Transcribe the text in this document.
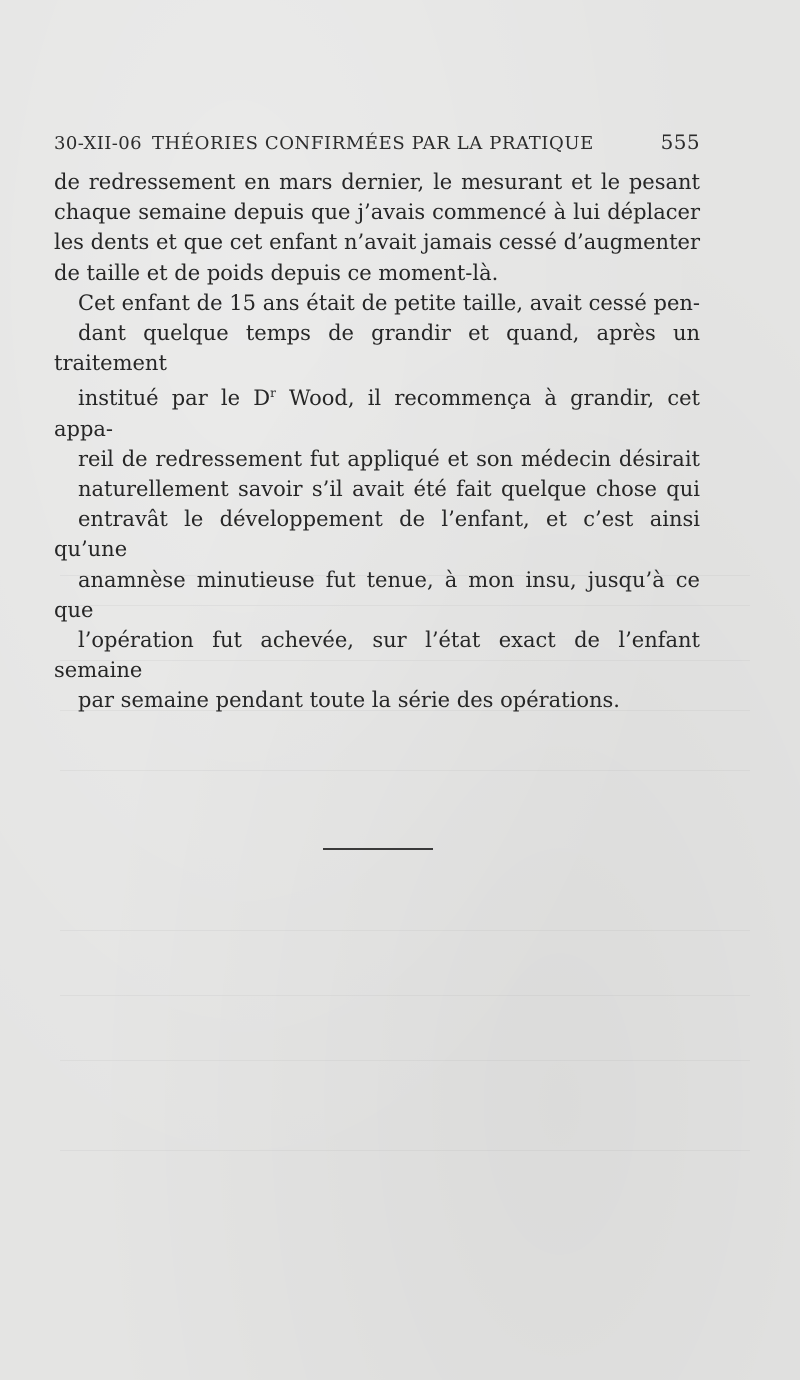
30-XII-06 THÉORIES CONFIRMÉES PAR LA PRATIQUE	555

de redressement en mars dernier, le mesurant et le pesant
chaque semaine depuis que j’avais commencé à lui déplacer
les dents et que cet enfant n’avait jamais cessé d’augmenter
de taille et de poids depuis ce moment-là.

Cet enfant de 15 ans était de petite taille, avait cessé pen-
dant quelque temps de grandir et quand, après un traitement
institué par le $D^r$ Wood, il recommença à grandir, cet appa-
reil de redressement fut appliqué et son médecin désirait
naturellement savoir s’il avait été fait quelque chose qui
entravât le développement de l’enfant, et c’est ainsi qu’une
anamnèse minutieuse fut tenue, à mon insu, jusqu’à ce que
l’opération fut achevée, sur l’état exact de l’enfant semaine
par semaine pendant toute la série des opérations.
